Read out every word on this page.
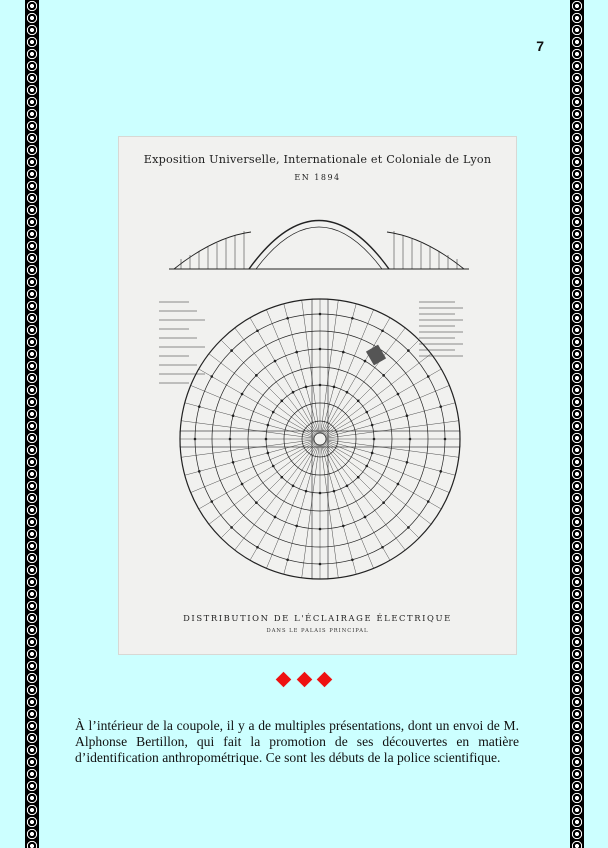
7
Exposition Universelle, Internationale et Coloniale de Lyon
EN 1894
DISTRIBUTION DE L'ÉCLAIRAGE ÉLECTRIQUE
DANS LE PALAIS PRINCIPAL
À l’intérieur de la coupole, il y a de multiples présentations, dont un envoi de M. Alphonse Bertillon, qui fait la promotion de ses découvertes en matière d’identification anthropométrique. Ce sont les débuts de la police scientifique.
